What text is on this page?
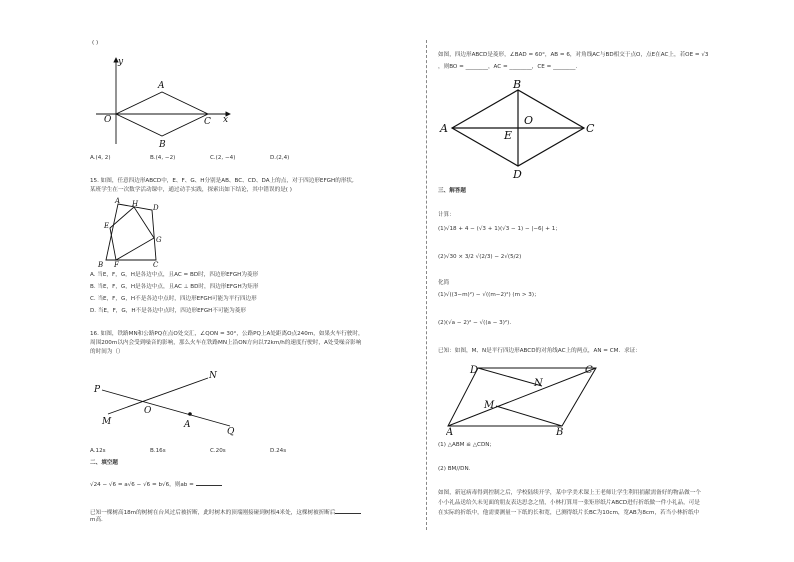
( )
y
A
O
B
C x
A.(4, 2)	B.(4, −2)	C.(2, −4)	D.(2,4)
15. 如图，任意四边形ABCD中，E、F、G、H分别是AB、BC、CD、DA上的点，对于四边形EFGH的形状,
某班学生在一次数学活动课中，通过动手实践，探索出如下结论，其中错误的是( )
A H D
E
G
B F	C
A. 当E，F，G，H是各边中点，且AC = BD时，四边形EFGH为菱形
B. 当E，F，G，H是各边中点，且AC ⊥ BD时，四边形EFGH为矩形
C. 当E，F，G，H不是各边中点时，四边形EFGH可能为平行四边形
D. 当E，F，G，H不是各边中点时，四边形EFGH不可能为菱形
16. 如图，铁路MN和公路PQ在点O处交汇，∠QON = 30°，公路PQ上A处距离O点240m，如果火车行驶时，
周围200m以内会受到噪音的影响，那么火车在铁路MN上沿ON方向以72km/h的速度行驶时，A处受噪音影响
的时间为（）
P
N
O
M	A
Q
A.12s	B.16s	C.20s	D.24s
二、填空题
√24 − √6 = a√6 − √6 = b√6，则ab =
已知一棵树高18m的树树在台风过后被折断，此时树木的顶端刚接碰到树根4米处，这棵树被折断后
m高.
如图，四边形ABCD是菱形，∠BAD = 60°，AB = 6，对角线AC与BD相交于点O，点E在AC上，若OE = √3
，则BO = ________，AC = ________，CE = ________.
B
A
O
C
E
D
三、解答题
计算：
(1)√18 + 4 − (√3 + 1)(√3 − 1) − |−6| + 1；
(2)√30 × 3/2 √(2/3) − 2√(5/2)
化简
(1)√((3−m)²) − √((m−2)²) (m > 3)；
(2)(√a − 2)² − √((a − 3)²).
已知：如图，M、N是平行四边形ABCD的对角线AC上的两点，AN = CM．求证：
D	C
N
M
A	B
(1) △ABM ≌ △CDN；
(2) BM//DN.
如图，新冠病毒得到控制之后，学校陆续开学，某中学美术课上王老师让学生利用捐献需备好的物品做一个
小小礼品送给久未见面的朋友表达思念之情，小林打算用一张矩形纸片ABCD进行折纸做一件小礼品，可是
在实际的折纸中，他需要测量一下纸的长和宽，已测得纸片长BC为10cm，宽AB为8cm，若当小林折纸中
